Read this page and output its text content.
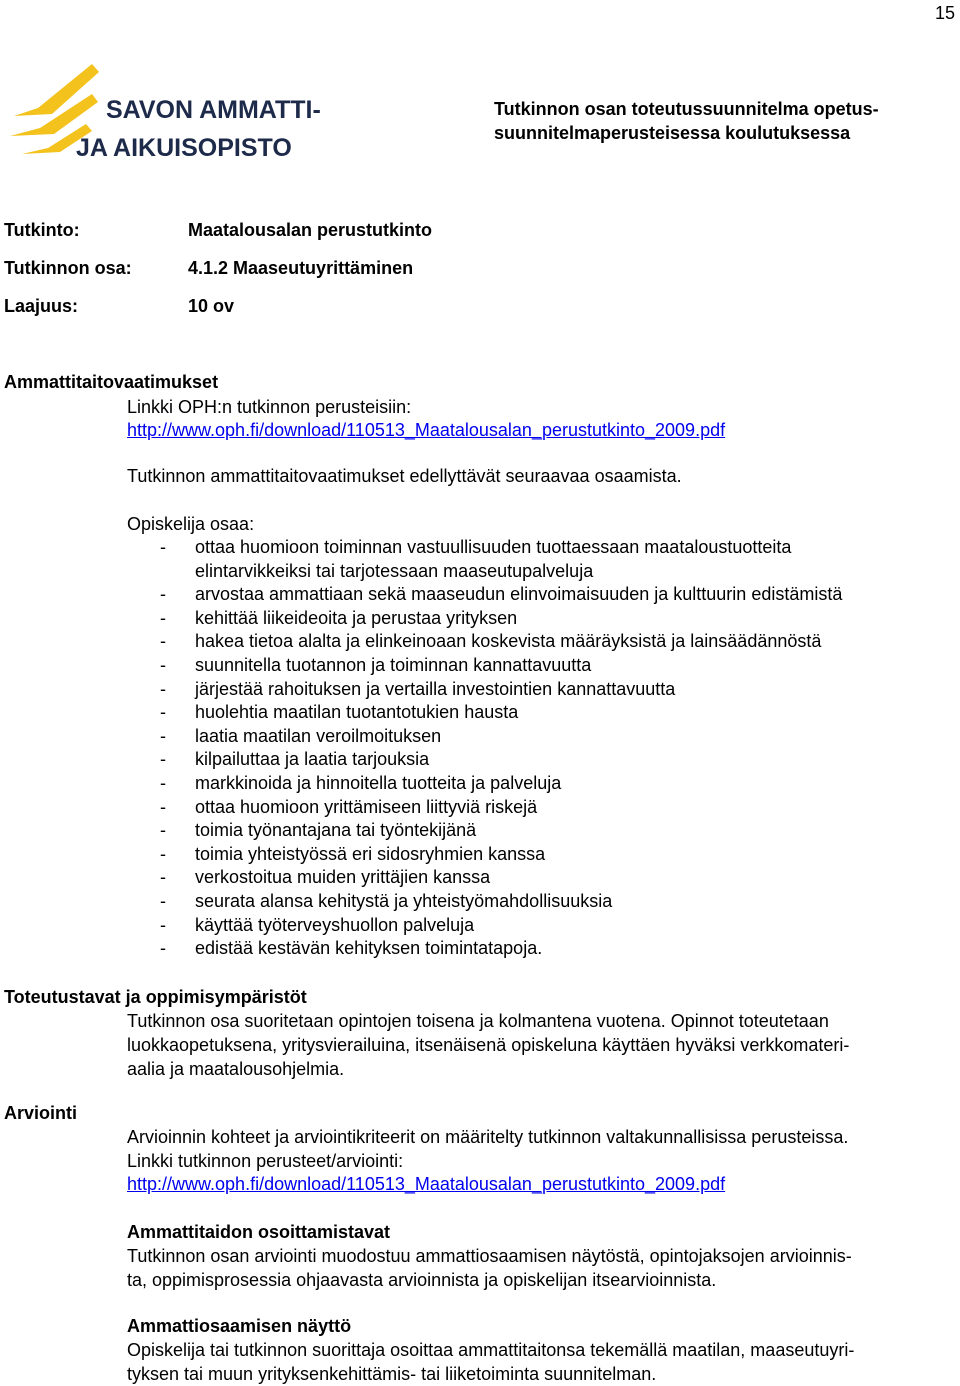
15
SAVON AMMATTI-
JA AIKUISOPISTO
Tutkinnon osan toteutussuunnitelma opetus-
suunnitelmaperusteisessa koulutuksessa
Tutkinto:	Maatalousalan perustutkinto
Tutkinnon osa:	4.1.2 Maaseutuyrittäminen
Laajuus:	10 ov
Ammattitaitovaatimukset
Linkki OPH:n tutkinnon perusteisiin:
http://www.oph.fi/download/110513_Maatalousalan_perustutkinto_2009.pdf
Tutkinnon ammattitaitovaatimukset edellyttävät seuraavaa osaamista.
Opiskelija osaa:
- ottaa huomioon toiminnan vastuullisuuden tuottaessaan maataloustuotteita
elintarvikkeiksi tai tarjotessaan maaseutupalveluja
- arvostaa ammattiaan sekä maaseudun elinvoimaisuuden ja kulttuurin edistämistä
- kehittää liikeideoita ja perustaa yrityksen
- hakea tietoa alalta ja elinkeinoaan koskevista määräyksistä ja lainsäädännöstä
- suunnitella tuotannon ja toiminnan kannattavuutta
- järjestää rahoituksen ja vertailla investointien kannattavuutta
- huolehtia maatilan tuotantotukien hausta
- laatia maatilan veroilmoituksen
- kilpailuttaa ja laatia tarjouksia
- markkinoida ja hinnoitella tuotteita ja palveluja
- ottaa huomioon yrittämiseen liittyviä riskejä
- toimia työnantajana tai työntekijänä
- toimia yhteistyössä eri sidosryhmien kanssa
- verkostoitua muiden yrittäjien kanssa
- seurata alansa kehitystä ja yhteistyömahdollisuuksia
- käyttää työterveyshuollon palveluja
- edistää kestävän kehityksen toimintatapoja.
Toteutustavat ja oppimisympäristöt
Tutkinnon osa suoritetaan opintojen toisena ja kolmantena vuotena. Opinnot toteutetaan
luokkaopetuksena, yritysvierailuina, itsenäisenä opiskeluna käyttäen hyväksi verkkomateri-
aalia ja maatalousohjelmia.
Arviointi
Arvioinnin kohteet ja arviointikriteerit on määritelty tutkinnon valtakunnallisissa perusteissa.
Linkki tutkinnon perusteet/arviointi:
http://www.oph.fi/download/110513_Maatalousalan_perustutkinto_2009.pdf
Ammattitaidon osoittamistavat
Tutkinnon osan arviointi muodostuu ammattiosaamisen näytöstä, opintojaksojen arvioinnis-
ta, oppimisprosessia ohjaavasta arvioinnista ja opiskelijan itsearvioinnista.
Ammattiosaamisen näyttö
Opiskelija tai tutkinnon suorittaja osoittaa ammattitaitonsa tekemällä maatilan, maaseutuyri-
tyksen tai muun yrityksenkehittämis- tai liiketoiminta suunnitelman.
